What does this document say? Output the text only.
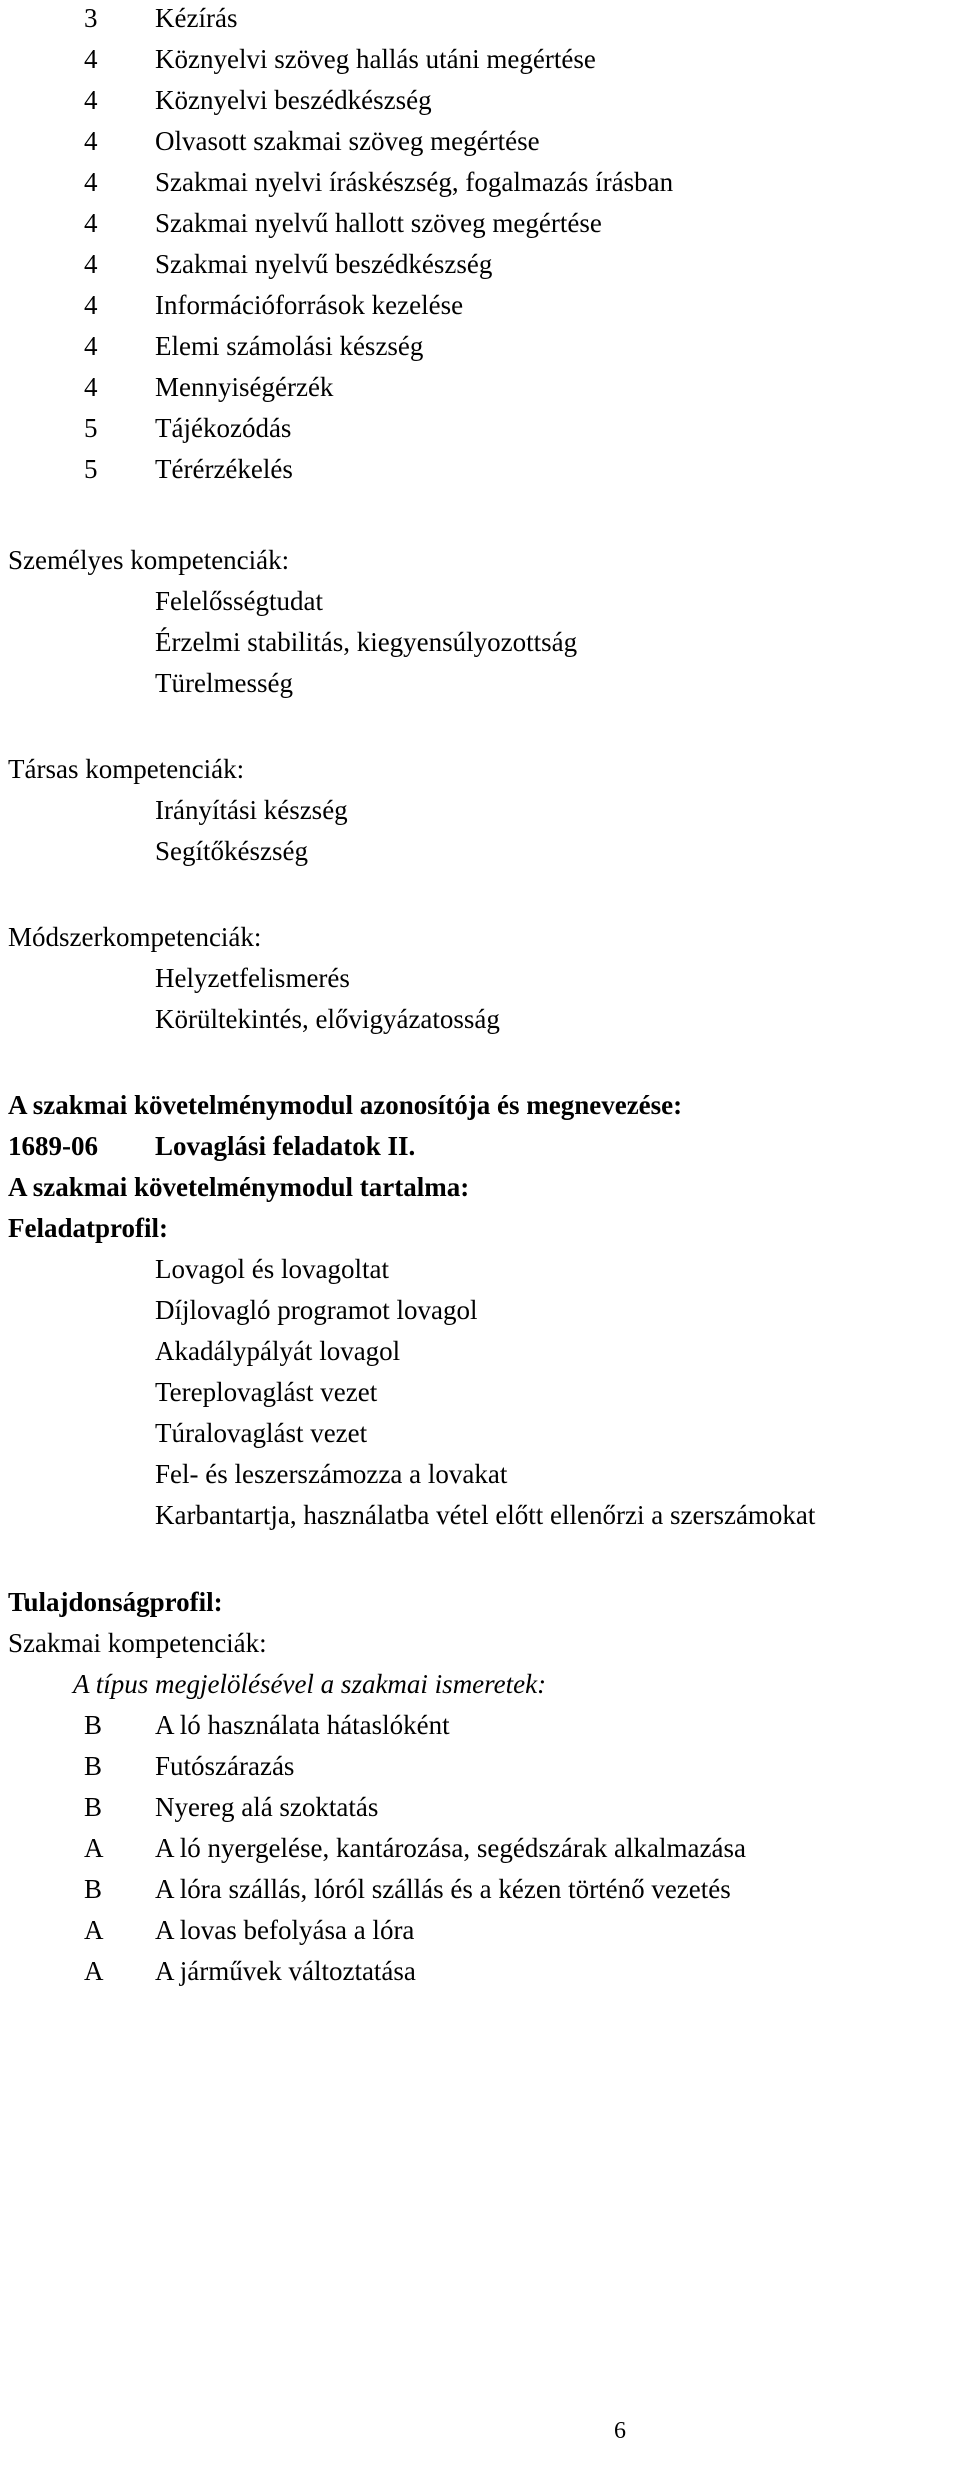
3 Kézírás
4 Köznyelvi szöveg hallás utáni megértése
4 Köznyelvi beszédkészség
4 Olvasott szakmai szöveg megértése
4 Szakmai nyelvi íráskészség, fogalmazás írásban
4 Szakmai nyelvű hallott szöveg megértése
4 Szakmai nyelvű beszédkészség
4 Információforrások kezelése
4 Elemi számolási készség
4 Mennyiségérzék
5 Tájékozódás
5 Térérzékelés
Személyes kompetenciák:
Felelősségtudat
Érzelmi stabilitás, kiegyensúlyozottság
Türelmesség
Társas kompetenciák:
Irányítási készség
Segítőkészség
Módszerkompetenciák:
Helyzetfelismerés
Körültekintés, elővigyázatosság
A szakmai követelménymodul azonosítója és megnevezése:
1689-06 Lovaglási feladatok II.
A szakmai követelménymodul tartalma:
Feladatprofil:
Lovagol és lovagoltat
Díjlovagló programot lovagol
Akadálypályát lovagol
Tereplovaglást vezet
Túralovaglást vezet
Fel- és leszerszámozza a lovakat
Karbantartja, használatba vétel előtt ellenőrzi a szerszámokat
Tulajdonságprofil:
Szakmai kompetenciák:
A típus megjelölésével a szakmai ismeretek:
B A ló használata hátaslóként
B Futószárazás
B Nyereg alá szoktatás
A A ló nyergelése, kantározása, segédszárak alkalmazása
B A lóra szállás, lóról szállás és a kézen történő vezetés
A A lovas befolyása a lóra
A A járművek változtatása
6
